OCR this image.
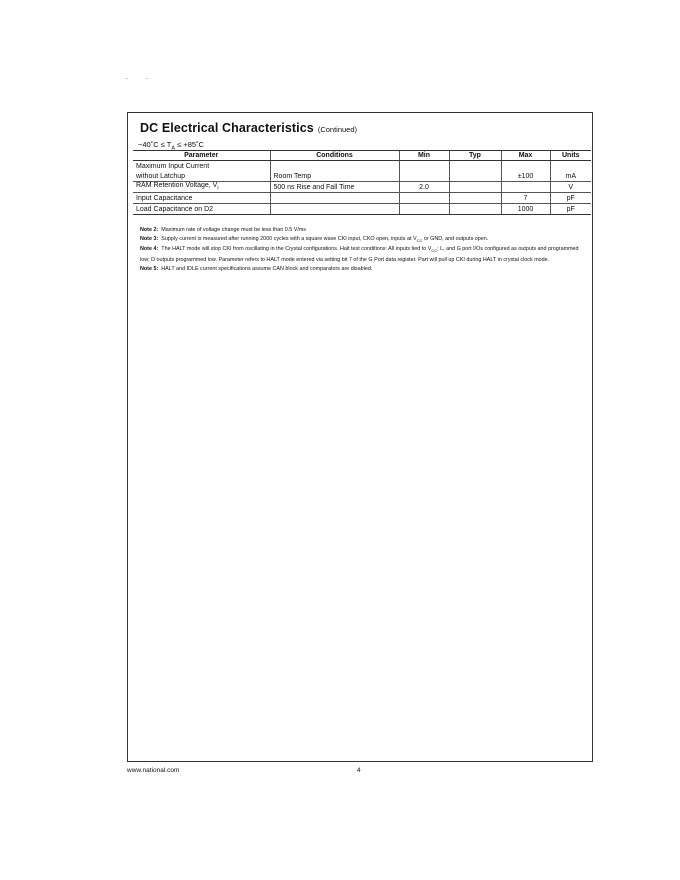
. .
DC Electrical Characteristics (Continued)
−40˚C ≤ $T_A$ ≤ +85˚C
Parameter	Conditions	Min	Typ	Max	Units
Maximum Input Current					
without Latchup	Room Temp			±100	mA
RAM Retention Voltage, $V_r$	500 ns Rise and Fall Time	2.0			V
Input Capacitance				7	pF
Load Capacitance on D2				1000	pF
Note 2: Maximum rate of voltage change must be less than 0.5 V/ms
Note 3: Supply current is measured after running 2000 cycles with a square wave CKI input, CKO open, inputs at $V_{CC}$ or GND, and outputs open.
Note 4: The HALT mode will stop CKI from oscillating in the Crystal configurations. Halt test conditions: All inputs tied to $V_{CC}$; L, and G port I/Os configured as outputs and programmed low; D outputs programmed low. Parameter refers to HALT mode entered via setting bit 7 of the G Port data register. Part will pull up CKI during HALT in crystal clock mode.
Note 5: HALT and IDLE current specifications assume CAN block and comparators are disabled.
www.national.com	4
